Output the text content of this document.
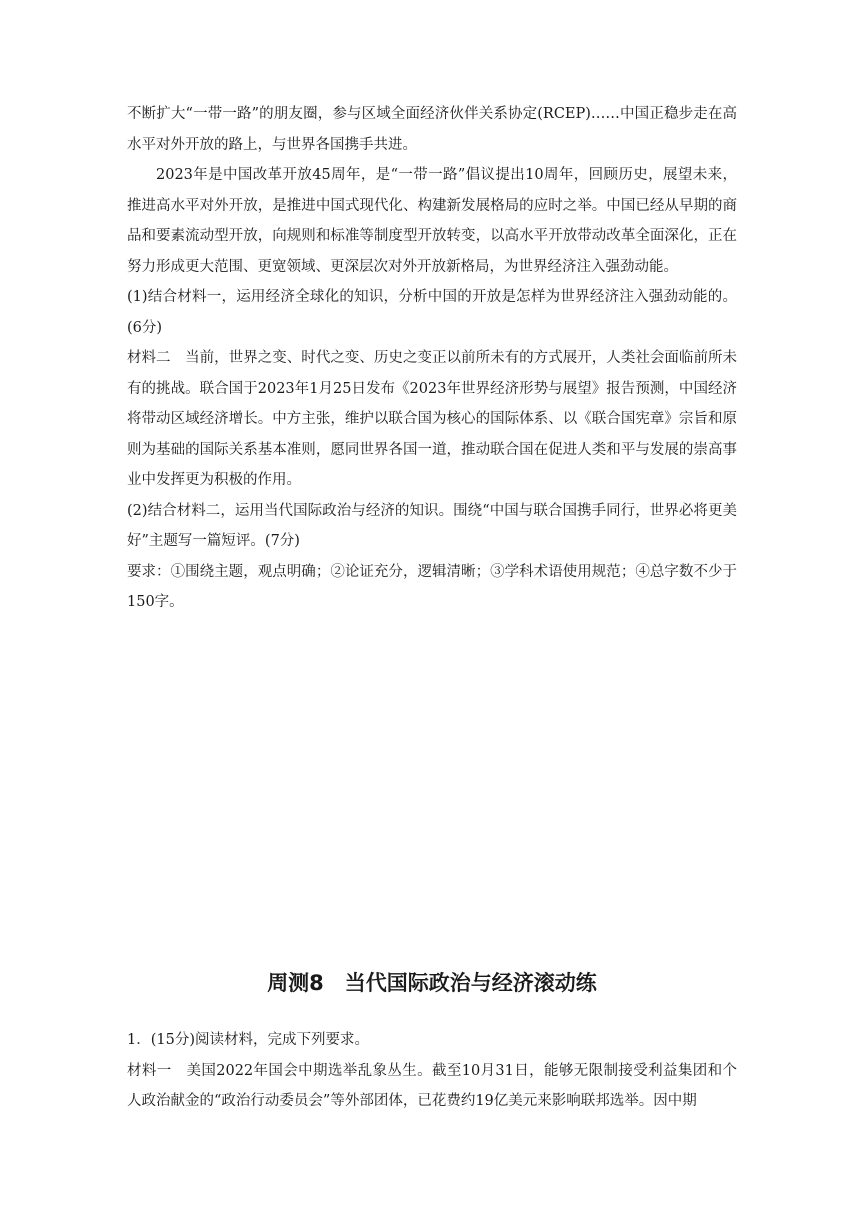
不断扩大“一带一路”的朋友圈，参与区域全面经济伙伴关系协定(RCEP)……中国正稳步走在高水平对外开放的路上，与世界各国携手共进。

2023年是中国改革开放45周年，是“一带一路”倡议提出10周年，回顾历史，展望未来，推进高水平对外开放，是推进中国式现代化、构建新发展格局的应时之举。中国已经从早期的商品和要素流动型开放，向规则和标准等制度型开放转变，以高水平开放带动改革全面深化，正在努力形成更大范围、更宽领域、更深层次对外开放新格局，为世界经济注入强劲动能。

(1)结合材料一，运用经济全球化的知识，分析中国的开放是怎样为世界经济注入强劲动能的。(6分)

材料二　当前，世界之变、时代之变、历史之变正以前所未有的方式展开，人类社会面临前所未有的挑战。联合国于2023年1月25日发布《2023年世界经济形势与展望》报告预测，中国经济将带动区域经济增长。中方主张，维护以联合国为核心的国际体系、以《联合国宪章》宗旨和原则为基础的国际关系基本准则，愿同世界各国一道，推动联合国在促进人类和平与发展的崇高事业中发挥更为积极的作用。

(2)结合材料二，运用当代国际政治与经济的知识。围绕“中国与联合国携手同行，世界必将更美好”主题写一篇短评。(7分)

要求：①围绕主题，观点明确；②论证充分，逻辑清晰；③学科术语使用规范；④总字数不少于150字。

周测8　当代国际政治与经济滚动练

1．(15分)阅读材料，完成下列要求。

材料一　美国2022年国会中期选举乱象丛生。截至10月31日，能够无限制接受利益集团和个人政治献金的“政治行动委员会”等外部团体，已花费约19亿美元来影响联邦选举。因中期
